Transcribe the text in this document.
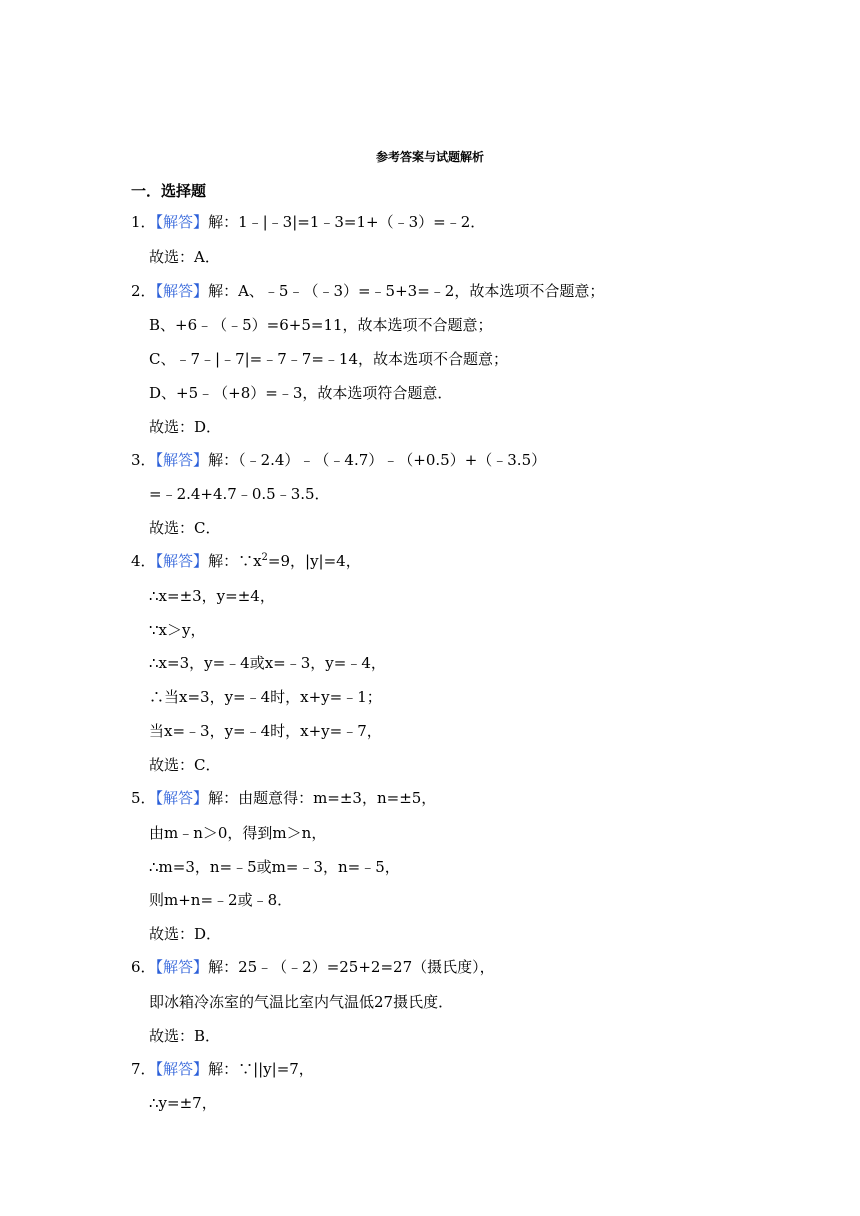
参考答案与试题解析
一．选择题
1．【解答】解：1﹣|﹣3|=1﹣3=1+（﹣3）=﹣2．
故选：A．
2．【解答】解：A、﹣5﹣（﹣3）=﹣5+3=﹣2，故本选项不合题意；
B、+6﹣（﹣5）=6+5=11，故本选项不合题意；
C、﹣7﹣|﹣7|=﹣7﹣7=﹣14，故本选项不合题意；
D、+5﹣（+8）=﹣3，故本选项符合题意．
故选：D．
3．【解答】解：（﹣2.4）﹣（﹣4.7）﹣（+0.5）+（﹣3.5）
=﹣2.4+4.7﹣0.5﹣3.5．
故选：C．
4．【解答】解：$\because x^2=9$，|y|=4，
∴x=±3，y=±4，
∵x＞y，
∴x=3，y=﹣4或x=﹣3，y=﹣4，
∴当x=3，y=﹣4时，x+y=﹣1；
当x=﹣3，y=﹣4时，x+y=﹣7，
故选：C．
5．【解答】解：由题意得：m=±3，n=±5，
由m﹣n＞0，得到m＞n，
∴m=3，n=﹣5或m=﹣3，n=﹣5，
则m+n=﹣2或﹣8．
故选：D．
6．【解答】解：25﹣（﹣2）=25+2=27（摄氏度），
即冰箱冷冻室的气温比室内气温低27摄氏度．
故选：B．
7．【解答】解：∵||y|=7，
∴y=±7，
